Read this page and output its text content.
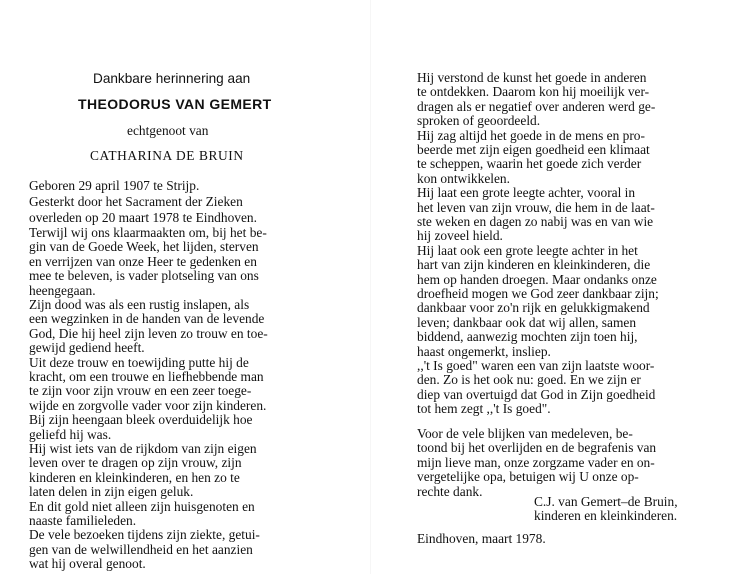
Dankbare herinnering aan
THEODORUS VAN GEMERT
echtgenoot van
CATHARINA DE BRUIN
Geboren 29 april 1907 te Strijp.
Gesterkt door het Sacrament der Zieken
overleden op 20 maart 1978 te Eindhoven.
Terwijl wij ons klaarmaakten om, bij het be-
gin van de Goede Week, het lijden, sterven
en verrijzen van onze Heer te gedenken en
mee te beleven, is vader plotseling van ons
heengegaan.
Zijn dood was als een rustig inslapen, als
een wegzinken in de handen van de levende
God, Die hij heel zijn leven zo trouw en toe-
gewijd gediend heeft.
Uit deze trouw en toewijding putte hij de
kracht, om een trouwe en liefhebbende man
te zijn voor zijn vrouw en een zeer toege-
wijde en zorgvolle vader voor zijn kinderen.
Bij zijn heengaan bleek overduidelijk hoe
geliefd hij was.
Hij wist iets van de rijkdom van zijn eigen
leven over te dragen op zijn vrouw, zijn
kinderen en kleinkinderen, en hen zo te
laten delen in zijn eigen geluk.
En dit gold niet alleen zijn huisgenoten en
naaste familieleden.
De vele bezoeken tijdens zijn ziekte, getui-
gen van de welwillendheid en het aanzien
wat hij overal genoot.
Hij verstond de kunst het goede in anderen
te ontdekken. Daarom kon hij moeilijk ver-
dragen als er negatief over anderen werd ge-
sproken of geoordeeld.
Hij zag altijd het goede in de mens en pro-
beerde met zijn eigen goedheid een klimaat
te scheppen, waarin het goede zich verder
kon ontwikkelen.
Hij laat een grote leegte achter, vooral in
het leven van zijn vrouw, die hem in de laat-
ste weken en dagen zo nabij was en van wie
hij zoveel hield.
Hij laat ook een grote leegte achter in het
hart van zijn kinderen en kleinkinderen, die
hem op handen droegen. Maar ondanks onze
droefheid mogen we God zeer dankbaar zijn;
dankbaar voor zo'n rijk en gelukkigmakend
leven; dankbaar ook dat wij allen, samen
biddend, aanwezig mochten zijn toen hij,
haast ongemerkt, insliep.
,,'t Is goed" waren een van zijn laatste woor-
den. Zo is het ook nu: goed. En we zijn er
diep van overtuigd dat God in Zijn goedheid
tot hem zegt ,,'t Is goed".
Voor de vele blijken van medeleven, be-
toond bij het overlijden en de begrafenis van
mijn lieve man, onze zorgzame vader en on-
vergetelijke opa, betuigen wij U onze op-
rechte dank.
C.J. van Gemert–de Bruin,
kinderen en kleinkinderen.
Eindhoven, maart 1978.
